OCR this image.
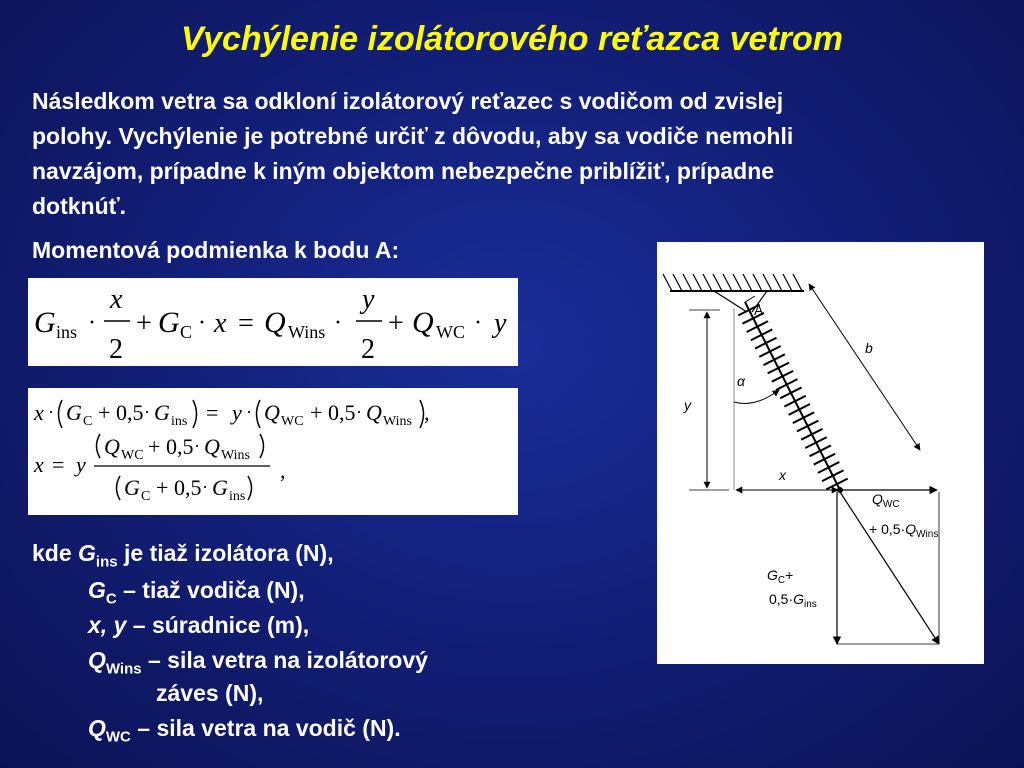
Vychýlenie izolátorového reťazca vetrom
Následkom vetra sa odkloní izolátorový reťazec s vodičom od zvislej
polohy. Vychýlenie je potrebné určiť z dôvodu, aby sa vodiče nemohli
navzájom, prípadne k iným objektom nebezpečne priblížiť, prípadne
dotknúť.
Momentová podmienka k bodu A:
G ins ·
x
2
+ G C · x = Q Wins ·
y
2
+ Q WC · y
x · G C + 0,5 · G ins = y · Q WC + 0,5 · Q Wins ,
x = y
Q WC + 0,5 · Q Wins
G C + 0,5 · G ins
,
A
y
x
α
b
$Q_{WC} + 0,5\cdot Q_{Wins}$
$G_C+ 0,5\cdot G_{ins}$
kde $G_{ins}$ je tiaž izolátora (N),
$G_C$ – tiaž vodiča (N),
x, y – súradnice (m),
$Q_{Wins}$ – sila vetra na izolátorový
záves (N),
$Q_{WC}$ – sila vetra na vodič (N).
